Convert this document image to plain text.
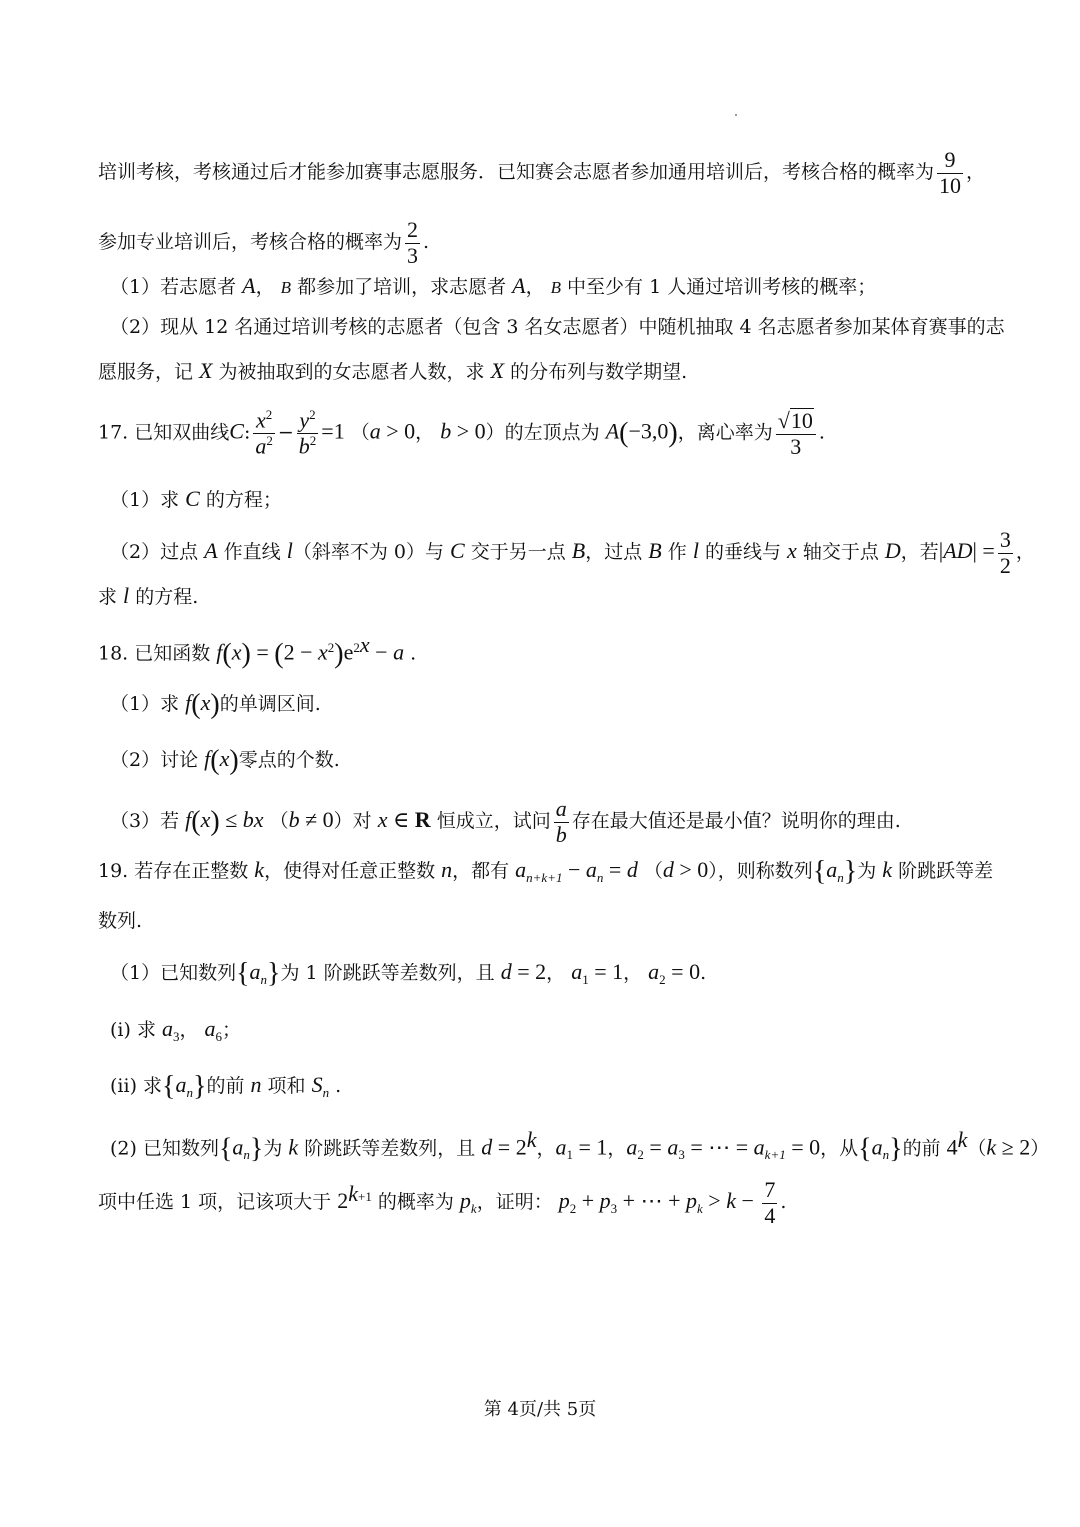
培训考核，考核通过后才能参加赛事志愿服务．已知赛会志愿者参加通用培训后，考核合格的概率为 $\frac{9}{10}$ ，
参加专业培训后，考核合格的概率为 $\frac{2}{3}$ .
（1）若志愿者 A， B 都参加了培训，求志愿者 A， B 中至少有 1 人通过培训考核的概率；
（2）现从 12 名通过培训考核的志愿者（包含 3 名女志愿者）中随机抽取 4 名志愿者参加某体育赛事的志
愿服务，记 X 为被抽取到的女志愿者人数，求 X 的分布列与数学期望.
17. 已知双曲线C: $\frac{x^2}{a^2} - \frac{y^2}{b^2} =1$ （a > 0， b > 0）的左顶点为 A(−3,0)，离心率为 $\frac{√10}{3}$ .
（1）求 C 的方程；
（2）过点 A 作直线 l（斜率不为 0）与 C 交于另一点 B，过点 B 作 l 的垂线与 x 轴交于点 D，若$|AD| = \frac{3}{2}$ ，
求 l 的方程.
18. 已知函数 $f(x) = (2 - x^2)e^{2x} - a$ .
（1）求 f(x)的单调区间.
（2）讨论 f(x)零点的个数.
（3）若 f(x) ≤ bx （b ≠ 0）对 x ∈ R 恒成立，试问 $\frac{a}{b}$ 存在最大值还是最小值？说明你的理由.
19. 若存在正整数 k，使得对任意正整数 n，都有 $a_{n+k+1} - a_n = d$ （d > 0），则称数列$\{a_n\}$为 k 阶跳跃等差
数列.
（1）已知数列$\{a_n\}$为 1 阶跳跃等差数列，且 d = 2， $a_1 = 1$， $a_2 = 0$.
(i) 求 $a_3$， $a_6$；
(ii) 求$\{a_n\}$的前 n 项和 $S_n$ .
(2) 已知数列$\{a_n\}$为 k 阶跳跃等差数列，且 $d = 2^k$，$a_1 = 1$，$a_2 = a_3$ = ⋯ = $a_{k+1} = 0$，从$\{a_n\}$的前 $4^k(k \ge 2)$
项中任选 1 项，记该项大于 $2^{k+1}$ 的概率为 $p_k$，证明： $p_2 + p_3$ + ⋯ + $p_k > k - \frac{7}{4}$ .
第 4页/共 5页
